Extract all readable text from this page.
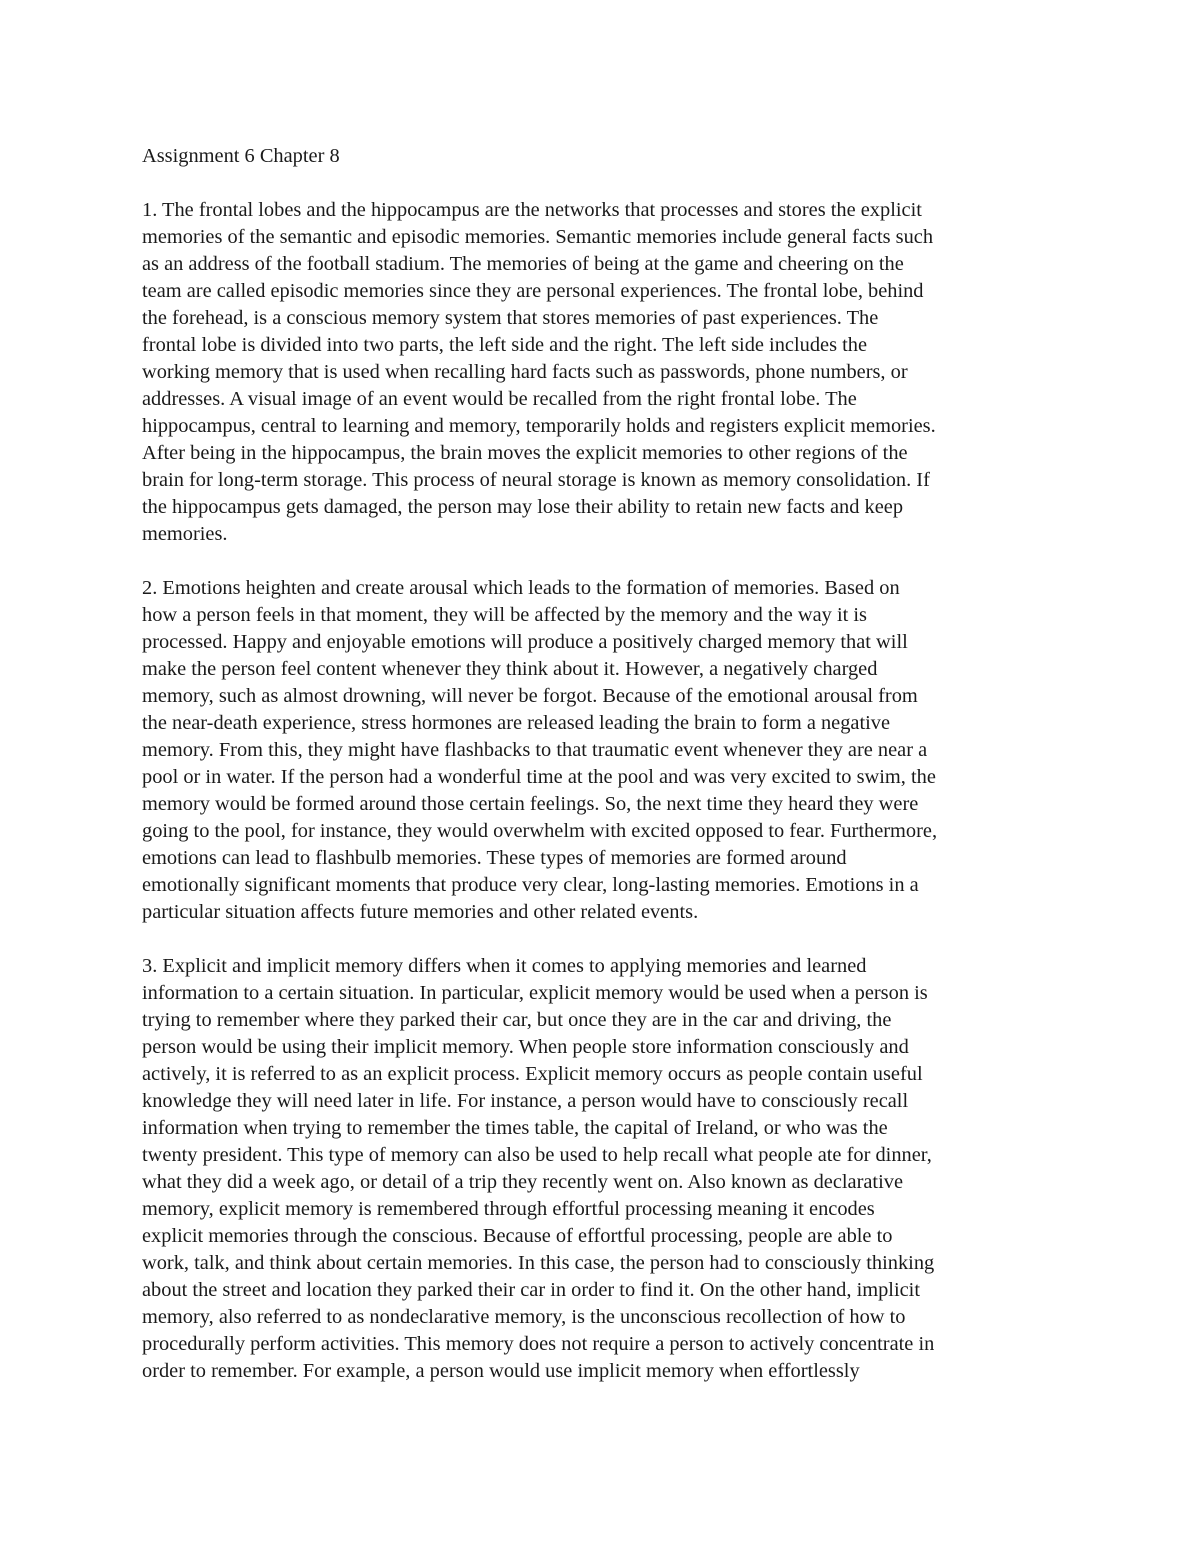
Assignment 6 Chapter 8
1. The frontal lobes and the hippocampus are the networks that processes and stores the explicit
memories of the semantic and episodic memories. Semantic memories include general facts such
as an address of the football stadium. The memories of being at the game and cheering on the
team are called episodic memories since they are personal experiences. The frontal lobe, behind
the forehead, is a conscious memory system that stores memories of past experiences. The
frontal lobe is divided into two parts, the left side and the right. The left side includes the
working memory that is used when recalling hard facts such as passwords, phone numbers, or
addresses. A visual image of an event would be recalled from the right frontal lobe. The
hippocampus, central to learning and memory, temporarily holds and registers explicit memories.
After being in the hippocampus, the brain moves the explicit memories to other regions of the
brain for long-term storage. This process of neural storage is known as memory consolidation. If
the hippocampus gets damaged, the person may lose their ability to retain new facts and keep
memories.
2. Emotions heighten and create arousal which leads to the formation of memories. Based on
how a person feels in that moment, they will be affected by the memory and the way it is
processed. Happy and enjoyable emotions will produce a positively charged memory that will
make the person feel content whenever they think about it. However, a negatively charged
memory, such as almost drowning, will never be forgot. Because of the emotional arousal from
the near-death experience, stress hormones are released leading the brain to form a negative
memory. From this, they might have flashbacks to that traumatic event whenever they are near a
pool or in water. If the person had a wonderful time at the pool and was very excited to swim, the
memory would be formed around those certain feelings. So, the next time they heard they were
going to the pool, for instance, they would overwhelm with excited opposed to fear. Furthermore,
emotions can lead to flashbulb memories. These types of memories are formed around
emotionally significant moments that produce very clear, long-lasting memories. Emotions in a
particular situation affects future memories and other related events.
3. Explicit and implicit memory differs when it comes to applying memories and learned
information to a certain situation. In particular, explicit memory would be used when a person is
trying to remember where they parked their car, but once they are in the car and driving, the
person would be using their implicit memory. When people store information consciously and
actively, it is referred to as an explicit process. Explicit memory occurs as people contain useful
knowledge they will need later in life. For instance, a person would have to consciously recall
information when trying to remember the times table, the capital of Ireland, or who was the
twenty president. This type of memory can also be used to help recall what people ate for dinner,
what they did a week ago, or detail of a trip they recently went on. Also known as declarative
memory, explicit memory is remembered through effortful processing meaning it encodes
explicit memories through the conscious. Because of effortful processing, people are able to
work, talk, and think about certain memories. In this case, the person had to consciously thinking
about the street and location they parked their car in order to find it. On the other hand, implicit
memory, also referred to as nondeclarative memory, is the unconscious recollection of how to
procedurally perform activities. This memory does not require a person to actively concentrate in
order to remember. For example, a person would use implicit memory when effortlessly
